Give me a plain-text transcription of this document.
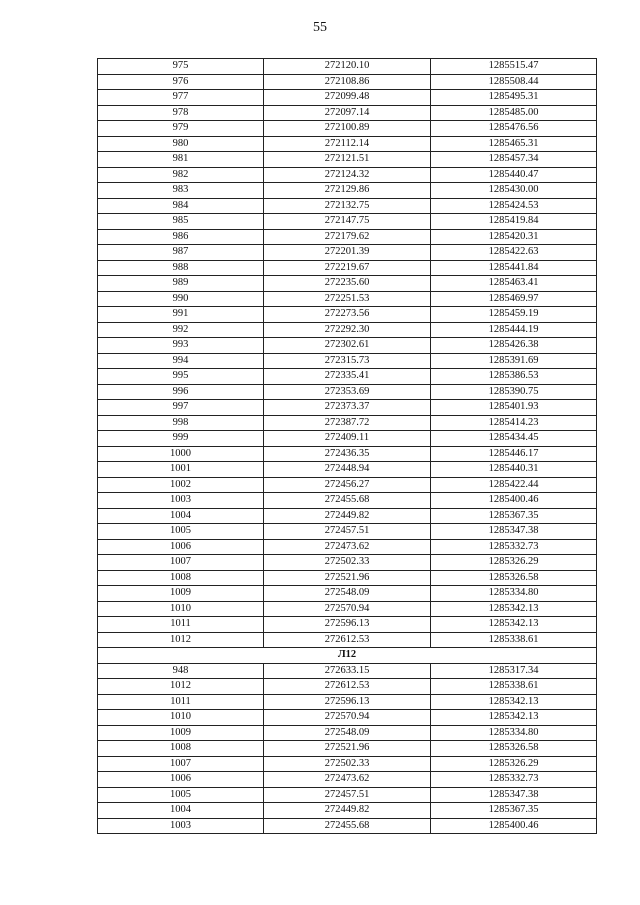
55
975	272120.10	1285515.47
976	272108.86	1285508.44
977	272099.48	1285495.31
978	272097.14	1285485.00
979	272100.89	1285476.56
980	272112.14	1285465.31
981	272121.51	1285457.34
982	272124.32	1285440.47
983	272129.86	1285430.00
984	272132.75	1285424.53
985	272147.75	1285419.84
986	272179.62	1285420.31
987	272201.39	1285422.63
988	272219.67	1285441.84
989	272235.60	1285463.41
990	272251.53	1285469.97
991	272273.56	1285459.19
992	272292.30	1285444.19
993	272302.61	1285426.38
994	272315.73	1285391.69
995	272335.41	1285386.53
996	272353.69	1285390.75
997	272373.37	1285401.93
998	272387.72	1285414.23
999	272409.11	1285434.45
1000	272436.35	1285446.17
1001	272448.94	1285440.31
1002	272456.27	1285422.44
1003	272455.68	1285400.46
1004	272449.82	1285367.35
1005	272457.51	1285347.38
1006	272473.62	1285332.73
1007	272502.33	1285326.29
1008	272521.96	1285326.58
1009	272548.09	1285334.80
1010	272570.94	1285342.13
1011	272596.13	1285342.13
1012	272612.53	1285338.61
Л12		
948	272633.15	1285317.34
1012	272612.53	1285338.61
1011	272596.13	1285342.13
1010	272570.94	1285342.13
1009	272548.09	1285334.80
1008	272521.96	1285326.58
1007	272502.33	1285326.29
1006	272473.62	1285332.73
1005	272457.51	1285347.38
1004	272449.82	1285367.35
1003	272455.68	1285400.46
